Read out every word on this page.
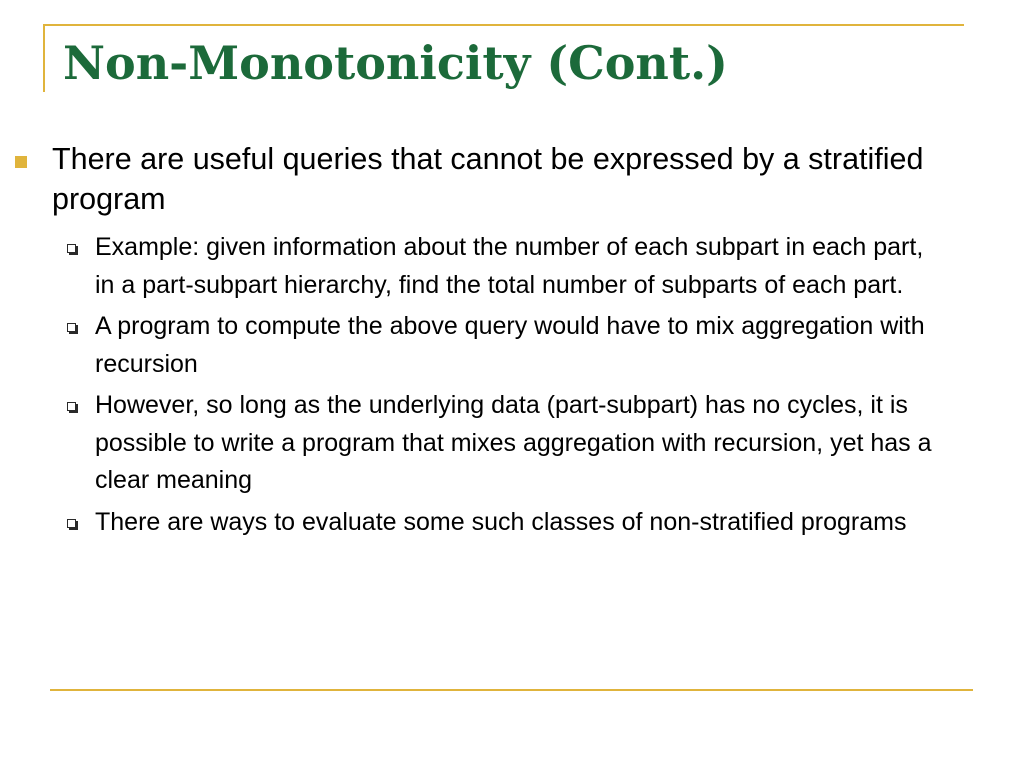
Non-Monotonicity (Cont.)
There are useful queries that cannot be expressed by a stratified program
Example: given information about the number of each subpart in each part, in a part-subpart hierarchy, find the total number of subparts of each part.
A program to compute the above query would have to mix aggregation with recursion
However, so long as the underlying data (part-subpart) has no cycles, it is possible to write a program that mixes aggregation with recursion, yet has a clear meaning
There are ways to evaluate some such classes of non-stratified programs
